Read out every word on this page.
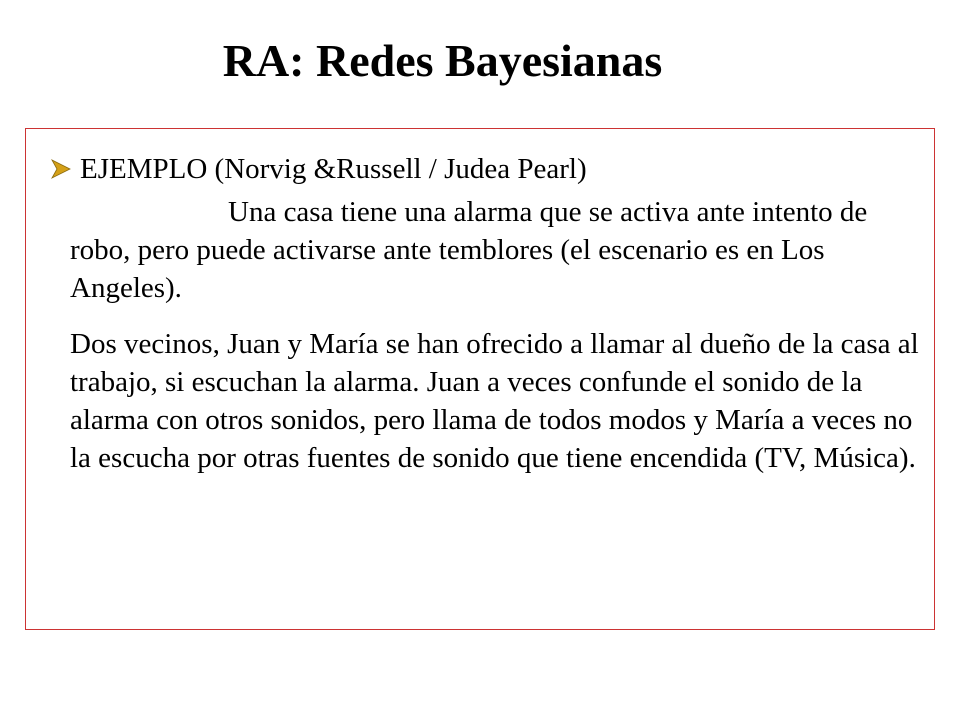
RA: Redes Bayesianas
EJEMPLO (Norvig &Russell / Judea Pearl)

Una casa tiene una alarma que se activa ante intento de robo, pero puede activarse ante temblores (el escenario es en Los Angeles).

Dos vecinos, Juan y María se han ofrecido a llamar al dueño de la casa al trabajo, si escuchan la alarma. Juan a veces confunde el sonido de la alarma con otros sonidos, pero llama de todos modos y María a veces no la escucha por otras fuentes de sonido que tiene encendida (TV, Música).
